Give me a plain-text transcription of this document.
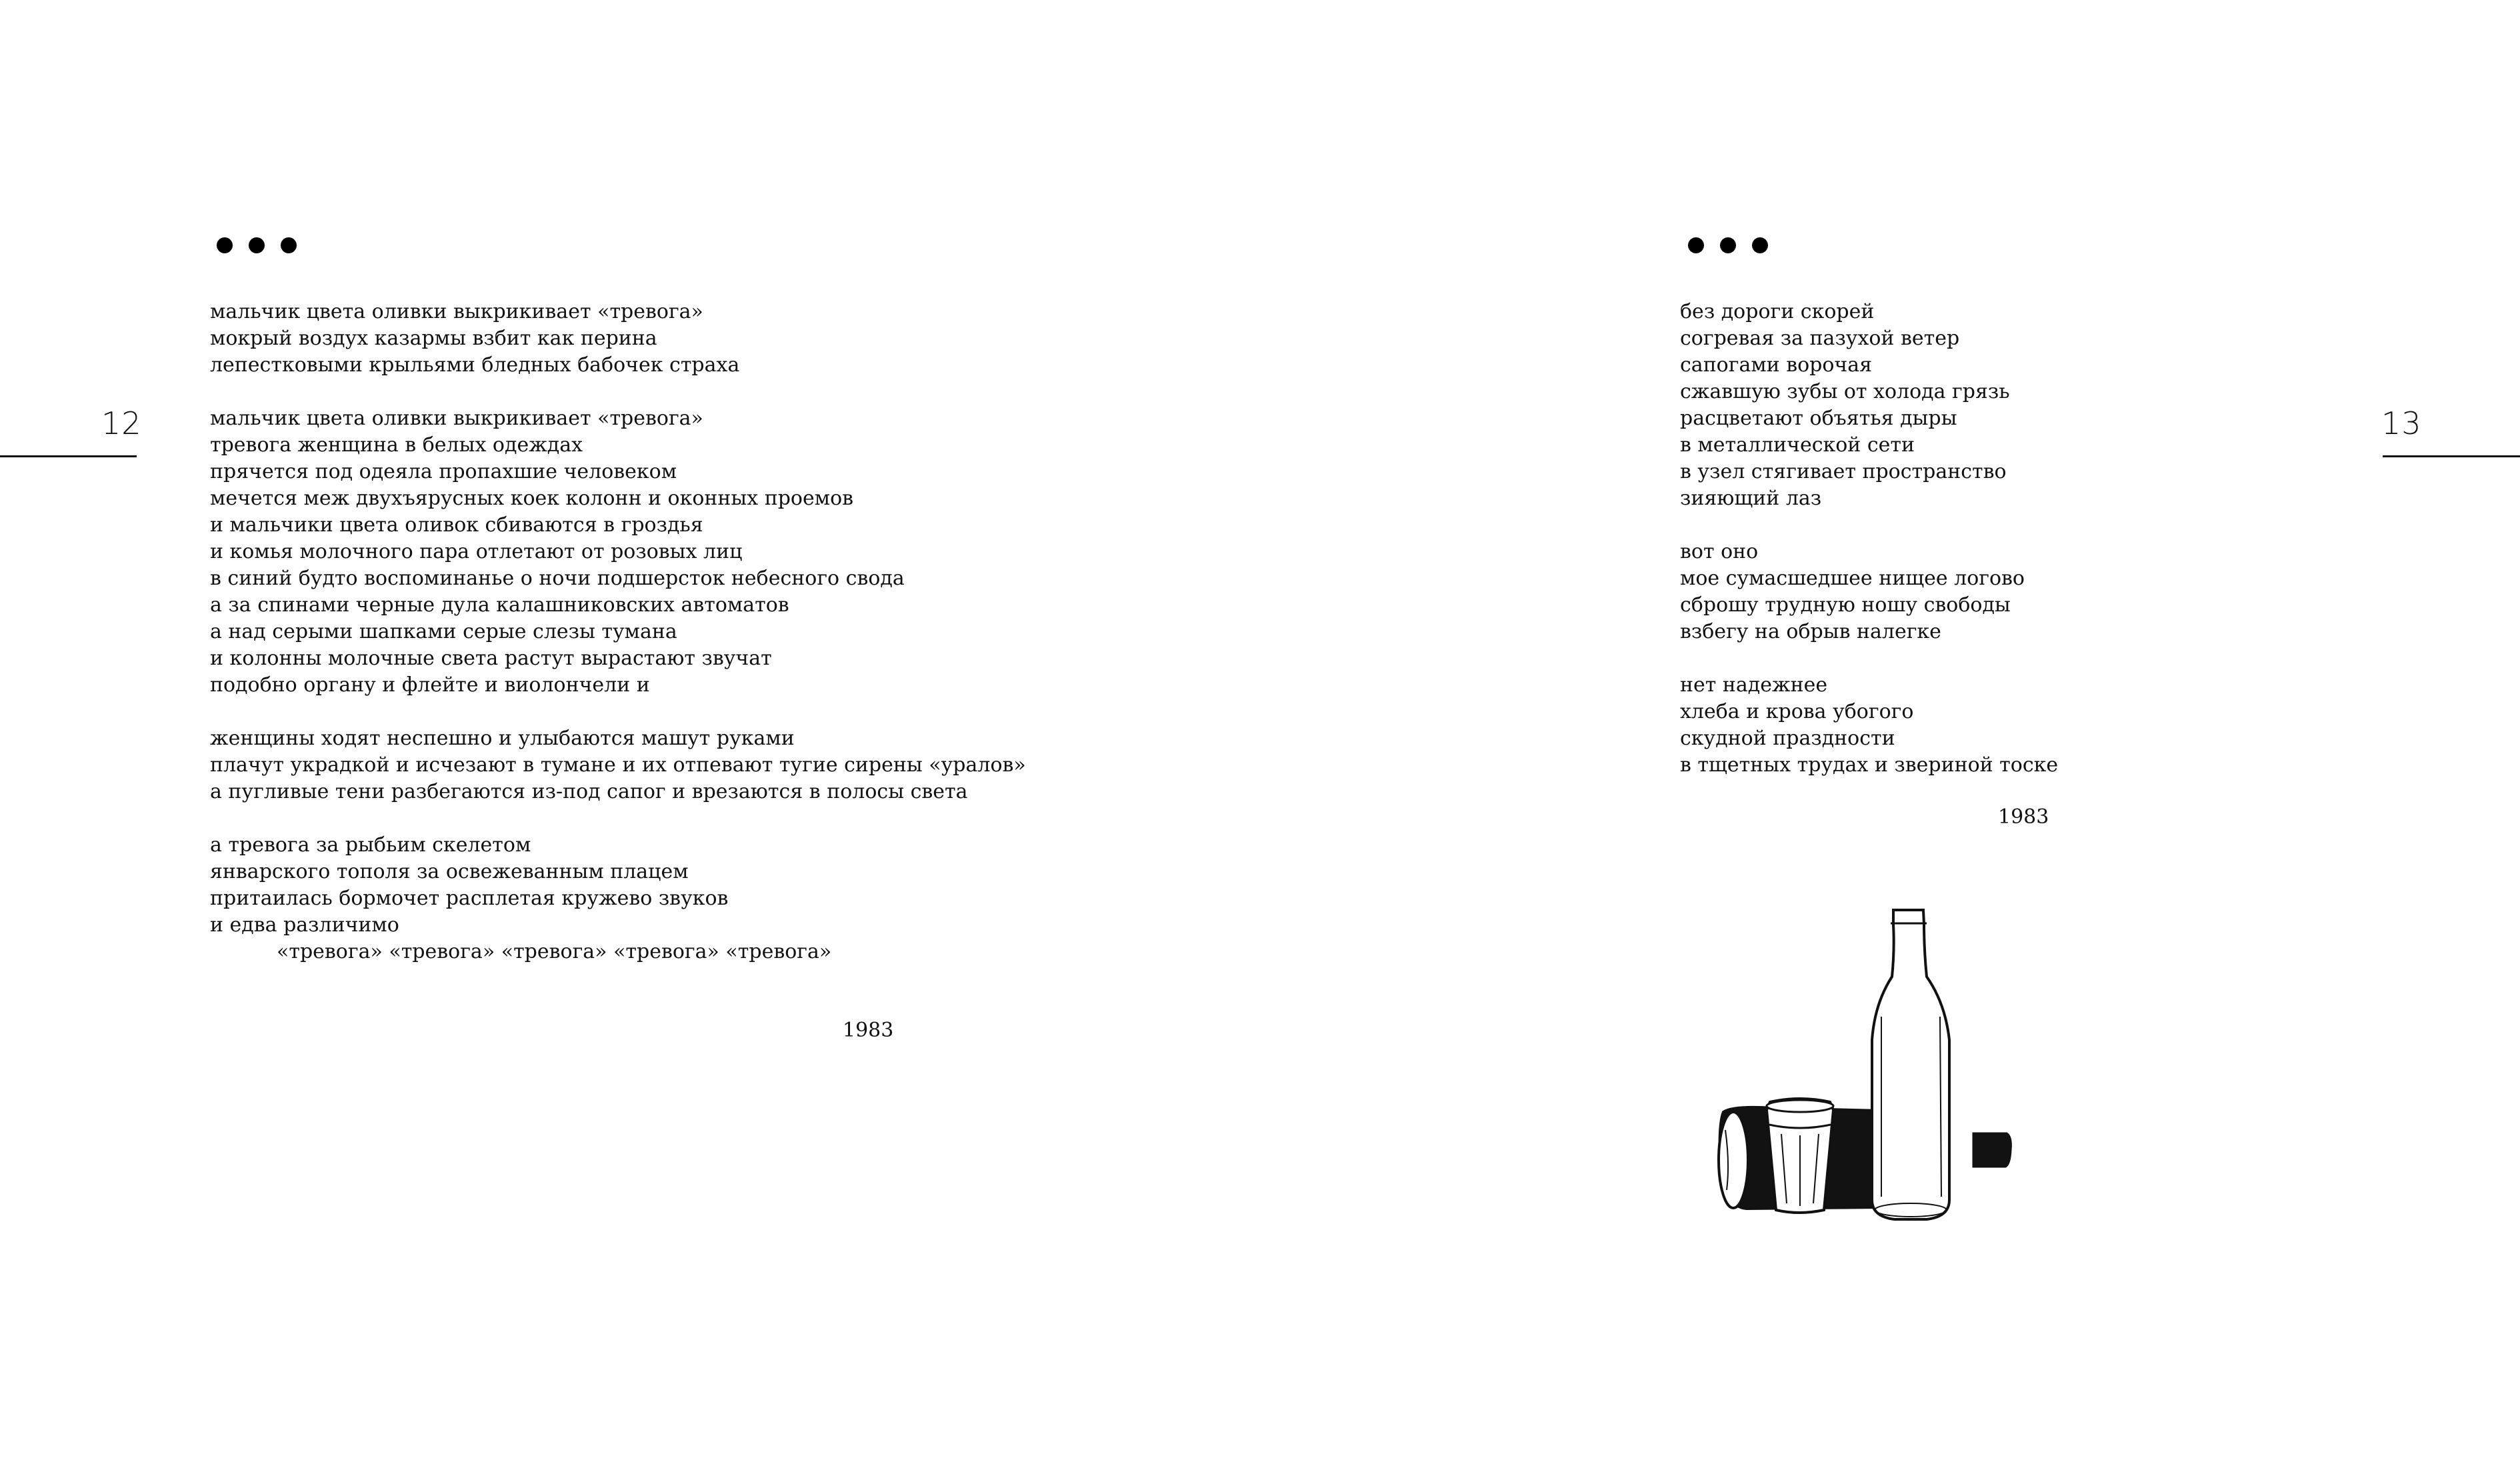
12
мальчик цвета оливки выкрикивает «тревога»
мокрый воздух казармы взбит как перина
лепестковыми крыльями бледных бабочек страха
мальчик цвета оливки выкрикивает «тревога»
тревога женщина в белых одеждах
прячется под одеяла пропахшие человеком
мечется меж двухъярусных коек колонн и оконных проемов
и мальчики цвета оливок сбиваются в гроздья
и комья молочного пара отлетают от розовых лиц
в синий будто воспоминанье о ночи подшерсток небесного свода
а за спинами черные дула калашниковских автоматов
а над серыми шапками серые слезы тумана
и колонны молочные света растут вырастают звучат
подобно органу и флейте и виолончели и
женщины ходят неспешно и улыбаются машут руками
плачут украдкой и исчезают в тумане и их отпевают тугие сирены «уралов»
а пугливые тени разбегаются из-под сапог и врезаются в полосы света
а тревога за рыбьим скелетом
январского тополя за освежеванным плацем
притаилась бормочет расплетая кружево звуков
и едва различимо
«тревога» «тревога» «тревога» «тревога» «тревога»
1983
13
без дороги скорей
согревая за пазухой ветер
сапогами ворочая
сжавшую зубы от холода грязь
расцветают объятья дыры
в металлической сети
в узел стягивает пространство
зияющий лаз
вот оно
мое сумасшедшее нищее логово
сброшу трудную ношу свободы
взбегу на обрыв налегке
нет надежнее
хлеба и крова убогого
скудной праздности
в тщетных трудах и звериной тоске
1983
